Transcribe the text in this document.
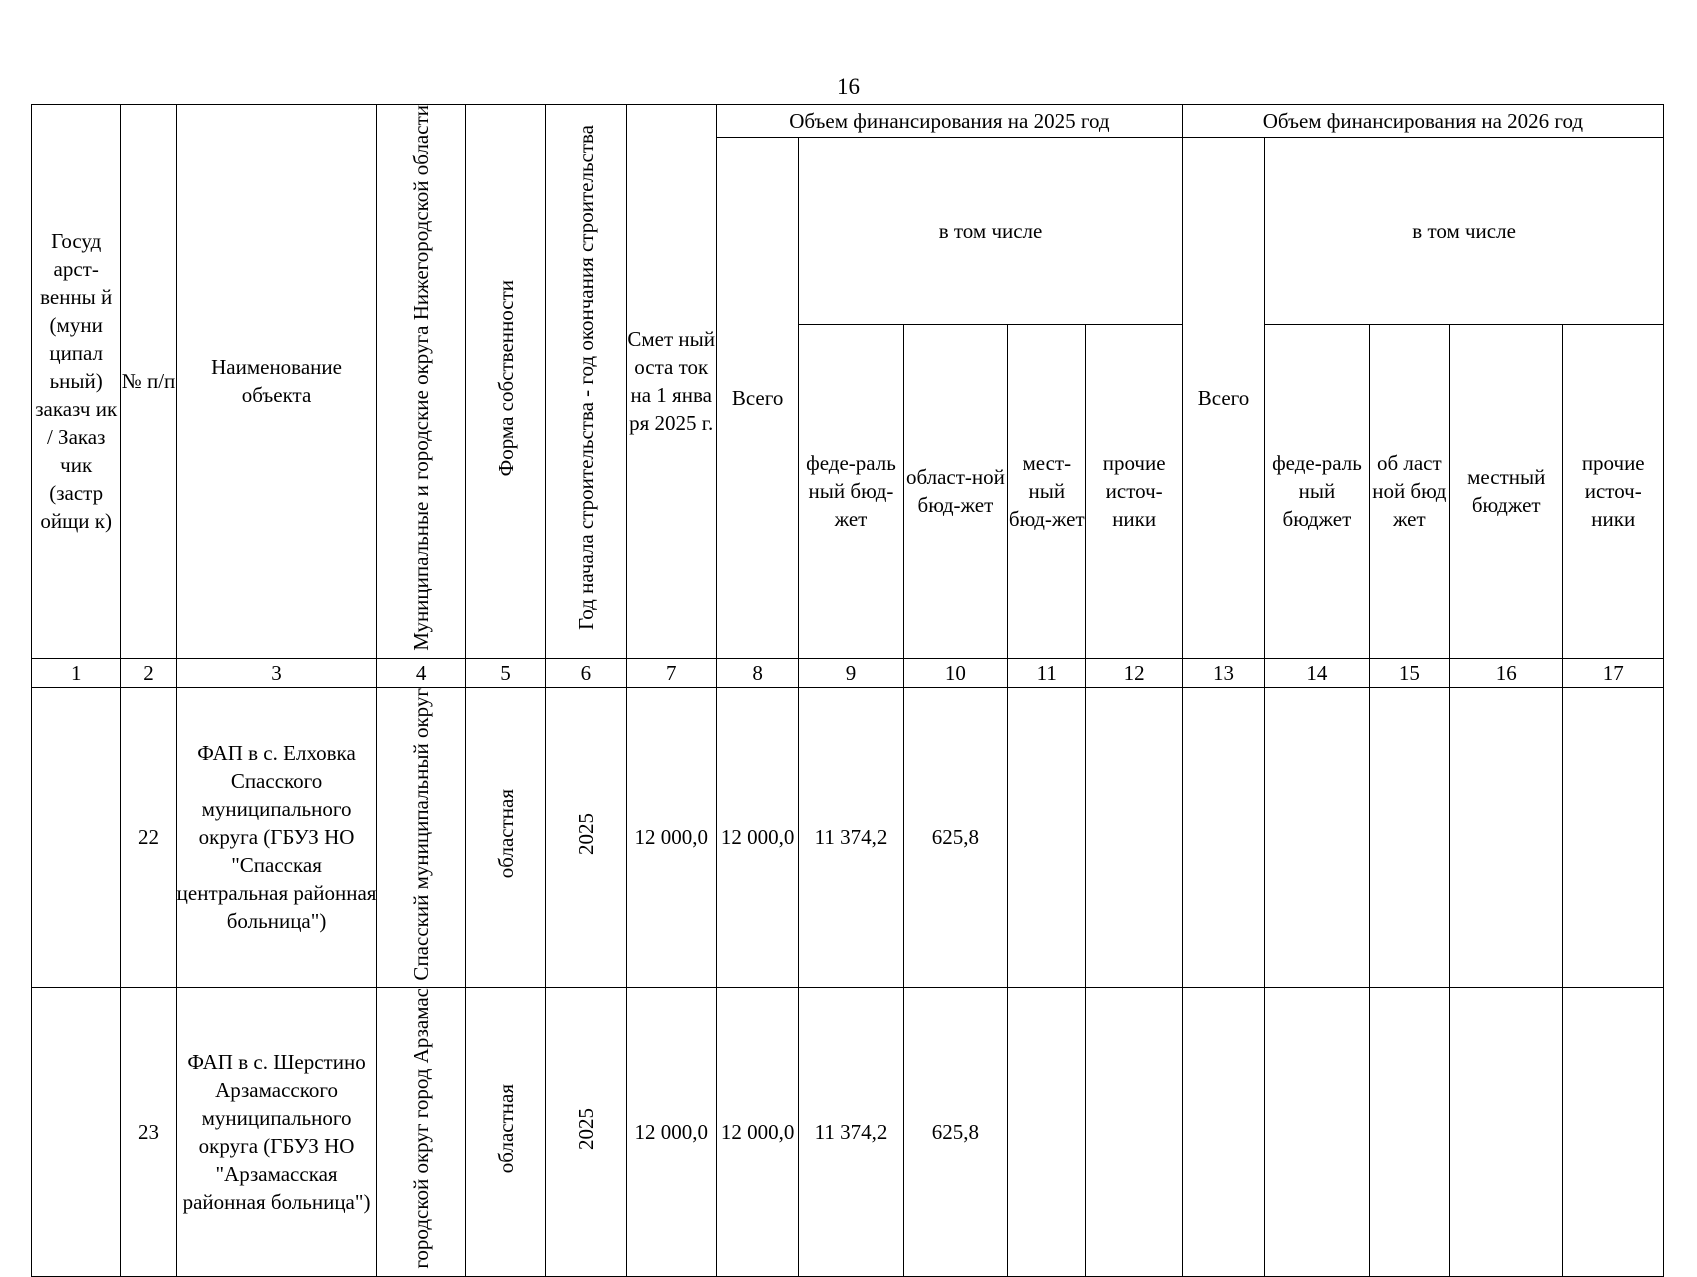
16
Госуд арст-венны й (муни ципал ьный) заказч ик / Заказ чик (застр ойщи к)	№ п/п	Наименование объекта	Муниципальные и городские округа Нижегородской области	Форма собственности	Год начала строительства - год окончания строительства	Смет ный оста ток на 1 янва ря 2025 г.	Объем финансирования на 2025 год					Объем финансирования на 2026 год				
							Всего	в том числе				Всего	в том числе			
								феде-раль ный бюд-жет	област-ной бюд-жет	мест-ный бюд-жет	прочие источ-ники		феде-раль ный бюджет	об ласт ной бюд жет	местный бюджет	прочие источ-ники
1	2	3	4	5	6	7	8	9	10	11	12	13	14	15	16	17
	22	ФАП в с. Елховка Спасского муниципального округа (ГБУЗ НО "Спасская центральная районная больница")	Спасский муниципальный округ	областная	2025	12 000,0	12 000,0	11 374,2	625,8							
	23	ФАП в с. Шерстино Арзамасского муниципального округа (ГБУЗ НО "Арзамасская районная больница")	городской округ город Арзамас	областная	2025	12 000,0	12 000,0	11 374,2	625,8							
